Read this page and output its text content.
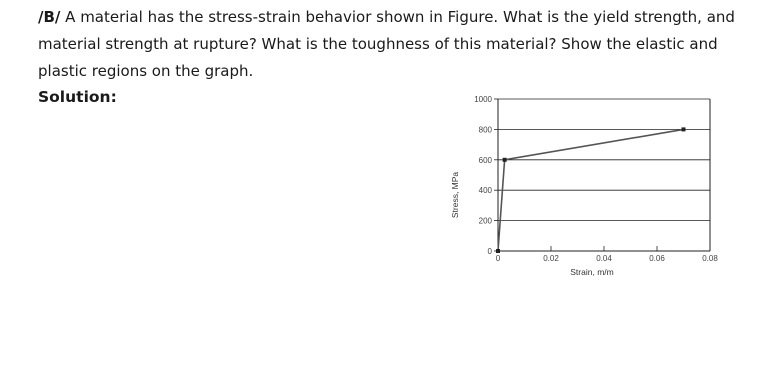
/B/ A material has the stress-strain behavior shown in Figure. What is the yield strength, and material strength at rupture? What is the toughness of this material? Show the elastic and plastic regions on the graph.
Solution:
0
200
400
600
800
1000
0	0.02	0.04	0.06	0.08
Strain, m/m
Stress, MPa
